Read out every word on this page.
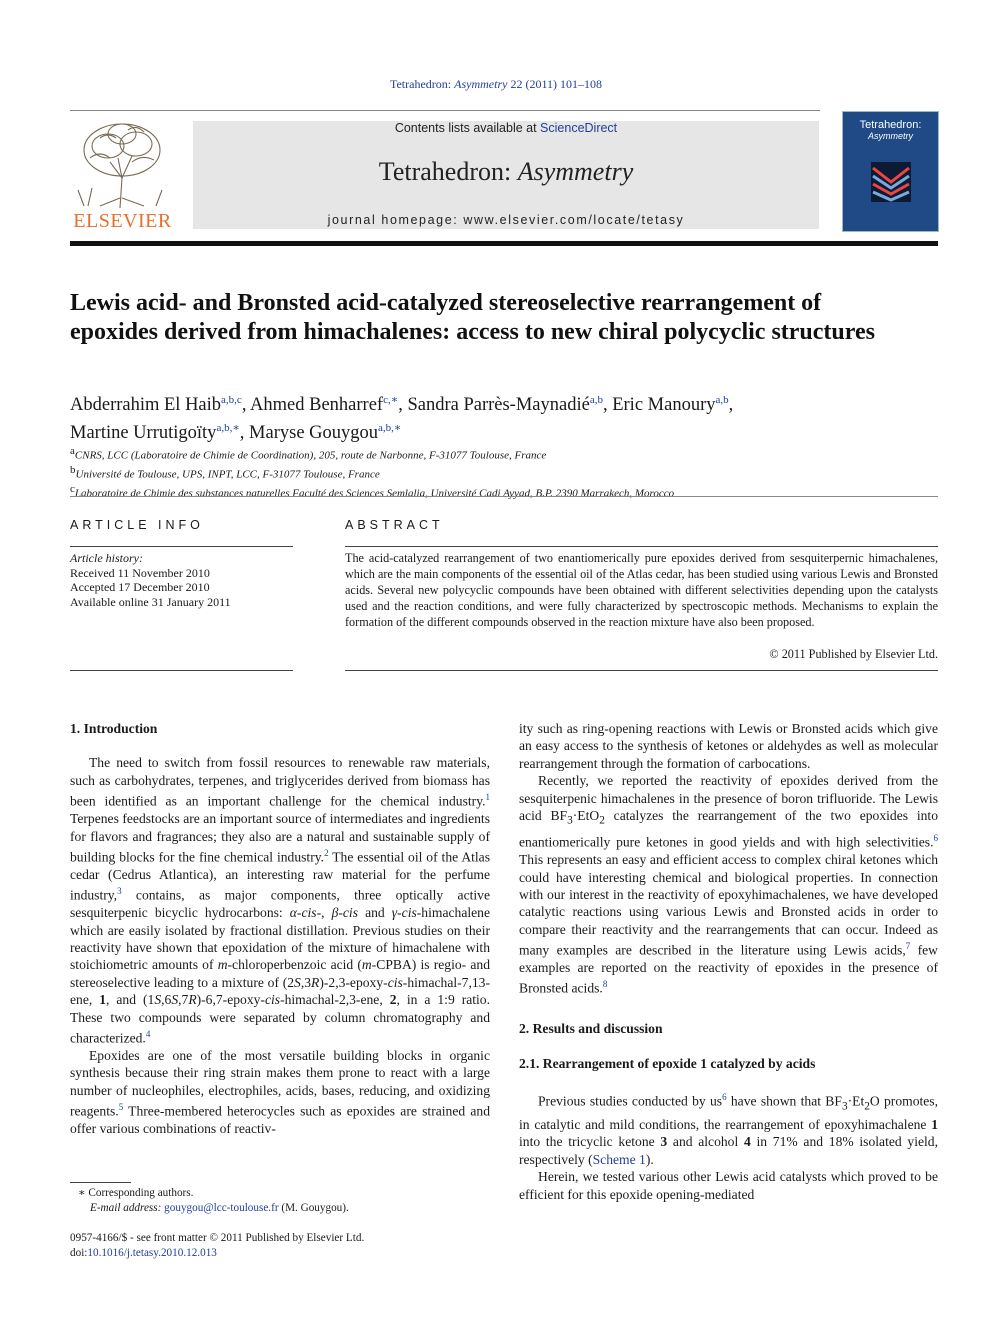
Tetrahedron: Asymmetry 22 (2011) 101–108
ELSEVIER
Contents lists available at ScienceDirect
Tetrahedron: Asymmetry
journal homepage: www.elsevier.com/locate/tetasy
Tetrahedron:
Asymmetry
Lewis acid- and Bronsted acid-catalyzed stereoselective rearrangement of epoxides derived from himachalenes: access to new chiral polycyclic structures
Abderrahim El Haib$^{a,b,c}$, Ahmed Benharref$^{c,∗}$, Sandra Parrès-Maynadié$^{a,b}$, Eric Manoury$^{a,b}$,
Martine Urrutigoïty$^{a,b,∗}$, Maryse Gouygou$^{a,b,∗}$
$^a$CNRS, LCC (Laboratoire de Chimie de Coordination), 205, route de Narbonne, F-31077 Toulouse, France
$^b$Université de Toulouse, UPS, INPT, LCC, F-31077 Toulouse, France
$^c$Laboratoire de Chimie des substances naturelles Faculté des Sciences Semlalia, Université Cadi Ayyad, B.P. 2390 Marrakech, Morocco
ARTICLE INFO
Article history:
Received 11 November 2010
Accepted 17 December 2010
Available online 31 January 2011
ABSTRACT
The acid-catalyzed rearrangement of two enantiomerically pure epoxides derived from sesquiterpernic himachalenes, which are the main components of the essential oil of the Atlas cedar, has been studied using various Lewis and Bronsted acids. Several new polycyclic compounds have been obtained with different selectivities depending upon the catalysts used and the reaction conditions, and were fully characterized by spectroscopic methods. Mechanisms to explain the formation of the different compounds observed in the reaction mixture have also been proposed.
© 2011 Published by Elsevier Ltd.
1. Introduction

The need to switch from fossil resources to renewable raw materials, such as carbohydrates, terpenes, and triglycerides derived from biomass has been identified as an important challenge for the chemical industry.$^1$ Terpenes feedstocks are an important source of intermediates and ingredients for flavors and fragrances; they also are a natural and sustainable supply of building blocks for the fine chemical industry.$^2$ The essential oil of the Atlas cedar (Cedrus Atlantica), an interesting raw material for the perfume industry,$^3$ contains, as major components, three optically active sesquiterpenic bicyclic hydrocarbons: α-cis-, β-cis and γ-cis-himachalene which are easily isolated by fractional distillation. Previous studies on their reactivity have shown that epoxidation of the mixture of himachalene with stoichiometric amounts of m-chloroperbenzoic acid (m-CPBA) is regio- and stereoselective leading to a mixture of (2S,3R)-2,3-epoxy-cis-himachal-7,13-ene, 1, and (1S,6S,7R)-6,7-epoxy-cis-himachal-2,3-ene, 2, in a 1:9 ratio. These two compounds were separated by column chromatography and characterized.$^4$

Epoxides are one of the most versatile building blocks in organic synthesis because their ring strain makes them prone to react with a large number of nucleophiles, electrophiles, acids, bases, reducing, and oxidizing reagents.$^5$ Three-membered heterocycles such as epoxides are strained and offer various combinations of reactiv-

ity such as ring-opening reactions with Lewis or Bronsted acids which give an easy access to the synthesis of ketones or aldehydes as well as molecular rearrangement through the formation of carbocations.

Recently, we reported the reactivity of epoxides derived from the sesquiterpenic himachalenes in the presence of boron trifluoride. The Lewis acid $BF_3\cdot EtO_2$ catalyzes the rearrangement of the two epoxides into enantiomerically pure ketones in good yields and with high selectivities.$^6$ This represents an easy and efficient access to complex chiral ketones which could have interesting chemical and biological properties. In connection with our interest in the reactivity of epoxyhimachalenes, we have developed catalytic reactions using various Lewis and Bronsted acids in order to compare their reactivity and the rearrangements that can occur. Indeed as many examples are described in the literature using Lewis acids,$^7$ few examples are reported on the reactivity of epoxides in the presence of Bronsted acids.$^8$

2. Results and discussion
2.1. Rearrangement of epoxide 1 catalyzed by acids

Previous studies conducted by $us^6$ have shown that $BF_3\cdot Et_2O$ promotes, in catalytic and mild conditions, the rearrangement of epoxyhimachalene 1 into the tricyclic ketone 3 and alcohol 4 in 71% and 18% isolated yield, respectively (Scheme 1).

Herein, we tested various other Lewis acid catalysts which proved to be efficient for this epoxide opening-mediated

∗ Corresponding authors.
E-mail address: gouygou@lcc-toulouse.fr (M. Gouygou).
0957-4166/$ - see front matter © 2011 Published by Elsevier Ltd.
doi:10.1016/j.tetasy.2010.12.013
